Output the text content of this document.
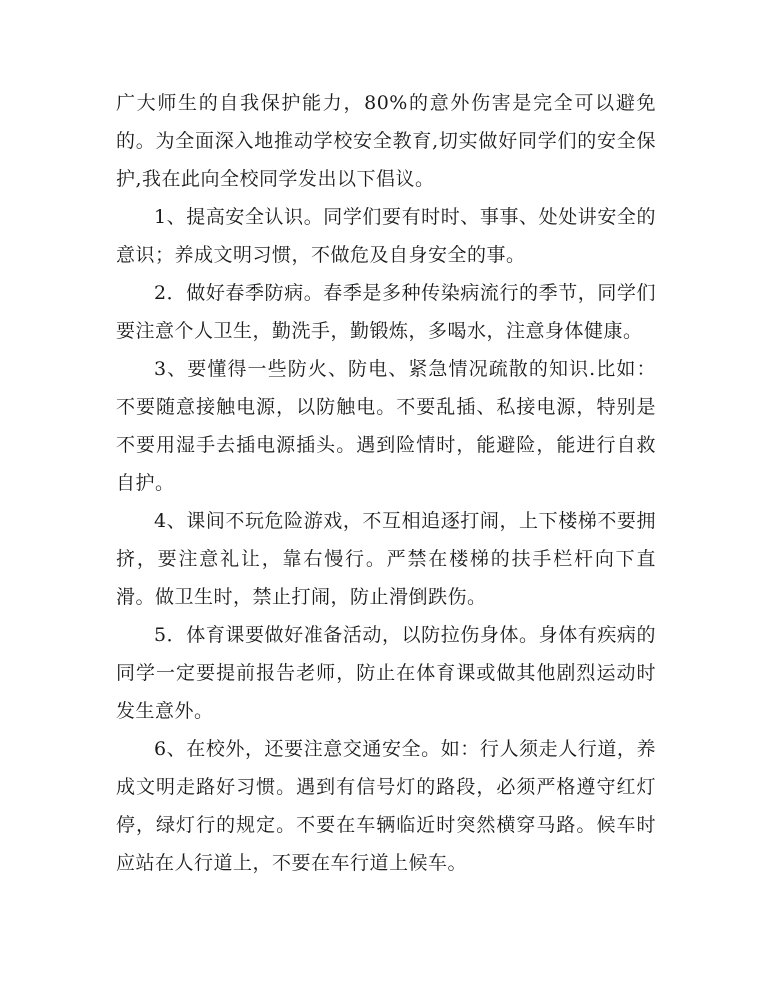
广大师生的自我保护能力，80%的意外伤害是完全可以避免的。为全面深入地推动学校安全教育,切实做好同学们的安全保护,我在此向全校同学发出以下倡议。

1、提高安全认识。同学们要有时时、事事、处处讲安全的意识；养成文明习惯，不做危及自身安全的事。

2．做好春季防病。春季是多种传染病流行的季节，同学们要注意个人卫生，勤洗手，勤锻炼，多喝水，注意身体健康。

3、要懂得一些防火、防电、紧急情况疏散的知识.比如：不要随意接触电源，以防触电。不要乱插、私接电源，特别是不要用湿手去插电源插头。遇到险情时，能避险，能进行自救自护。

4、课间不玩危险游戏，不互相追逐打闹，上下楼梯不要拥挤，要注意礼让，靠右慢行。严禁在楼梯的扶手栏杆向下直滑。做卫生时，禁止打闹，防止滑倒跌伤。

5．体育课要做好准备活动，以防拉伤身体。身体有疾病的同学一定要提前报告老师，防止在体育课或做其他剧烈运动时发生意外。

6、在校外，还要注意交通安全。如：行人须走人行道，养成文明走路好习惯。遇到有信号灯的路段，必须严格遵守红灯停，绿灯行的规定。不要在车辆临近时突然横穿马路。候车时应站在人行道上，不要在车行道上候车。
